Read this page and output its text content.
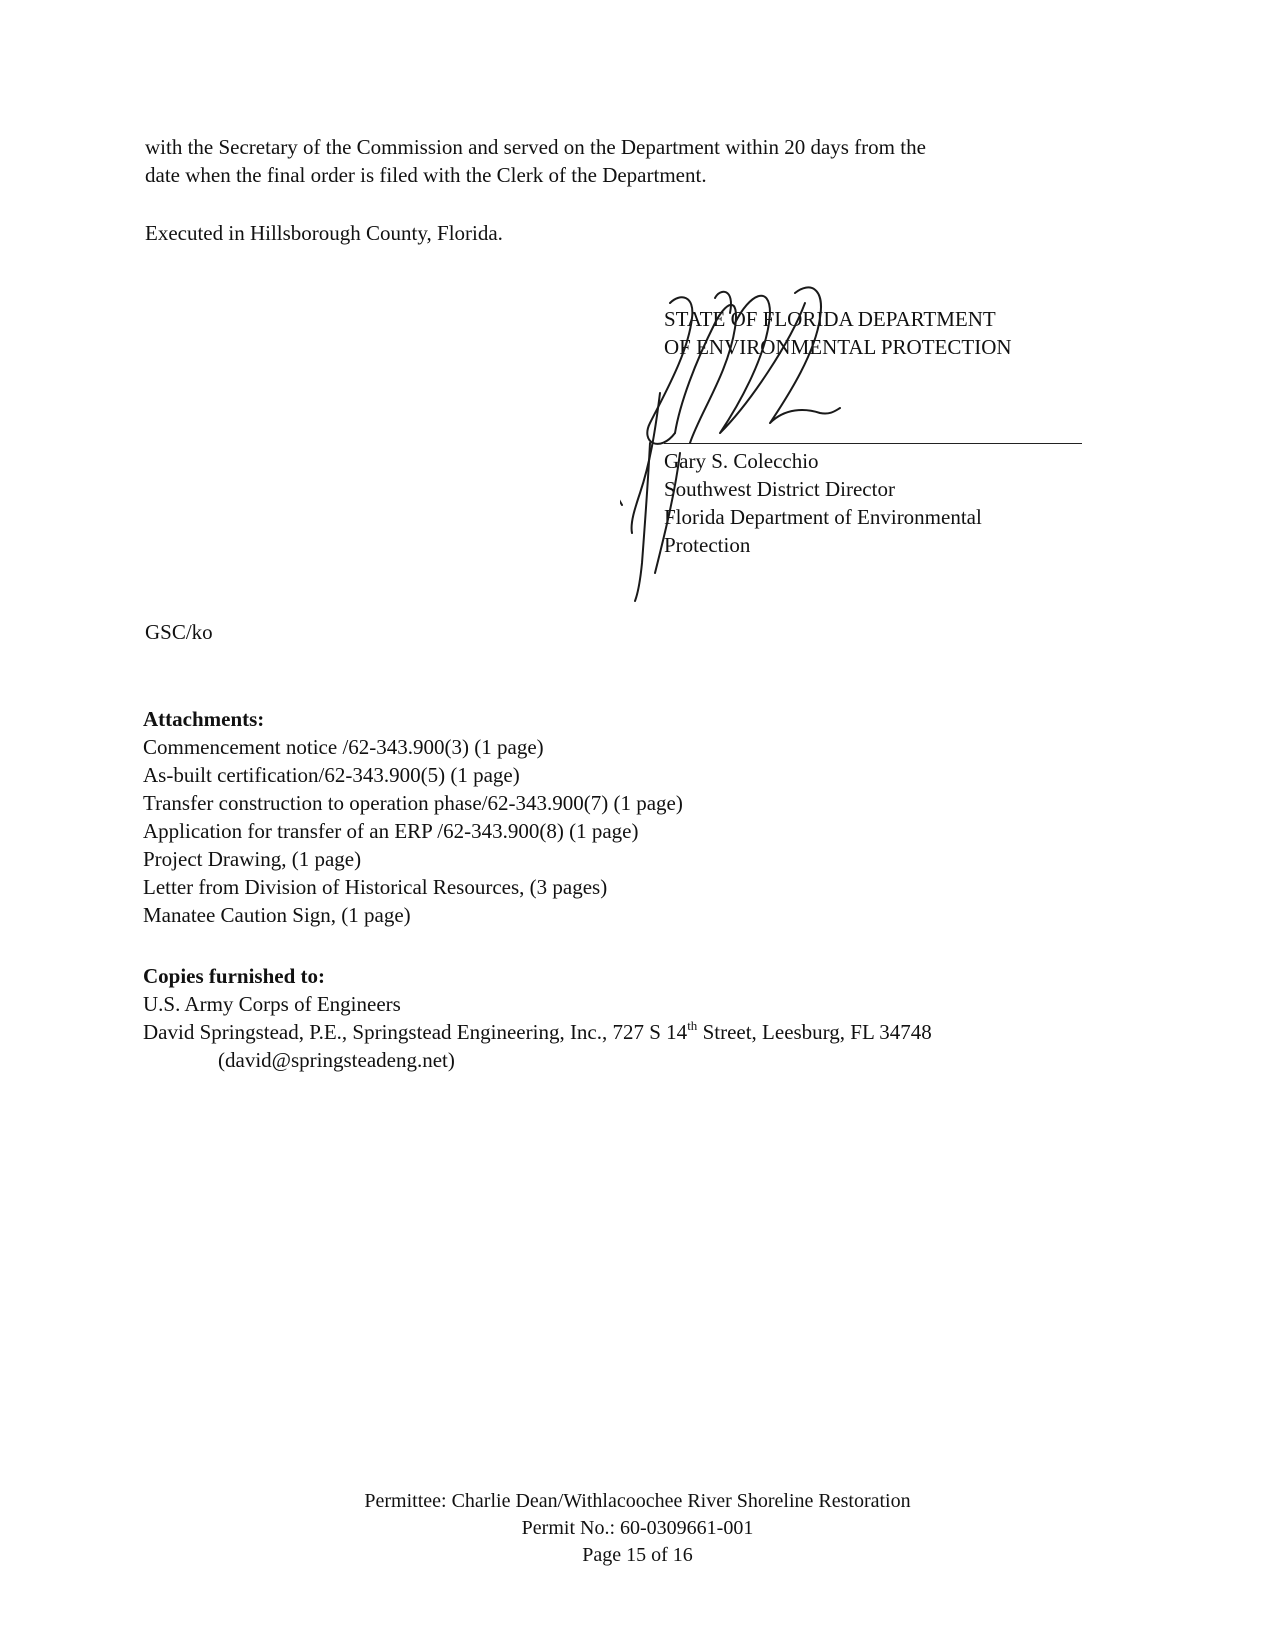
with the Secretary of the Commission and served on the Department within 20 days from the
date when the final order is filed with the Clerk of the Department.
Executed in Hillsborough County, Florida.
STATE OF FLORIDA DEPARTMENT
OF ENVIRONMENTAL PROTECTION
Gary S. Colecchio
Southwest District Director
Florida Department of Environmental
Protection
GSC/ko
Attachments:
Commencement notice /62-343.900(3) (1 page)
As-built certification/62-343.900(5) (1 page)
Transfer construction to operation phase/62-343.900(7) (1 page)
Application for transfer of an ERP /62-343.900(8) (1 page)
Project Drawing, (1 page)
Letter from Division of Historical Resources, (3 pages)
Manatee Caution Sign, (1 page)
Copies furnished to:
U.S. Army Corps of Engineers
David Springstead, P.E., Springstead Engineering, Inc., 727 S 14th Street, Leesburg, FL 34748
(david@springsteadeng.net)
Permittee: Charlie Dean/Withlacoochee River Shoreline Restoration
Permit No.: 60-0309661-001
Page 15 of 16
